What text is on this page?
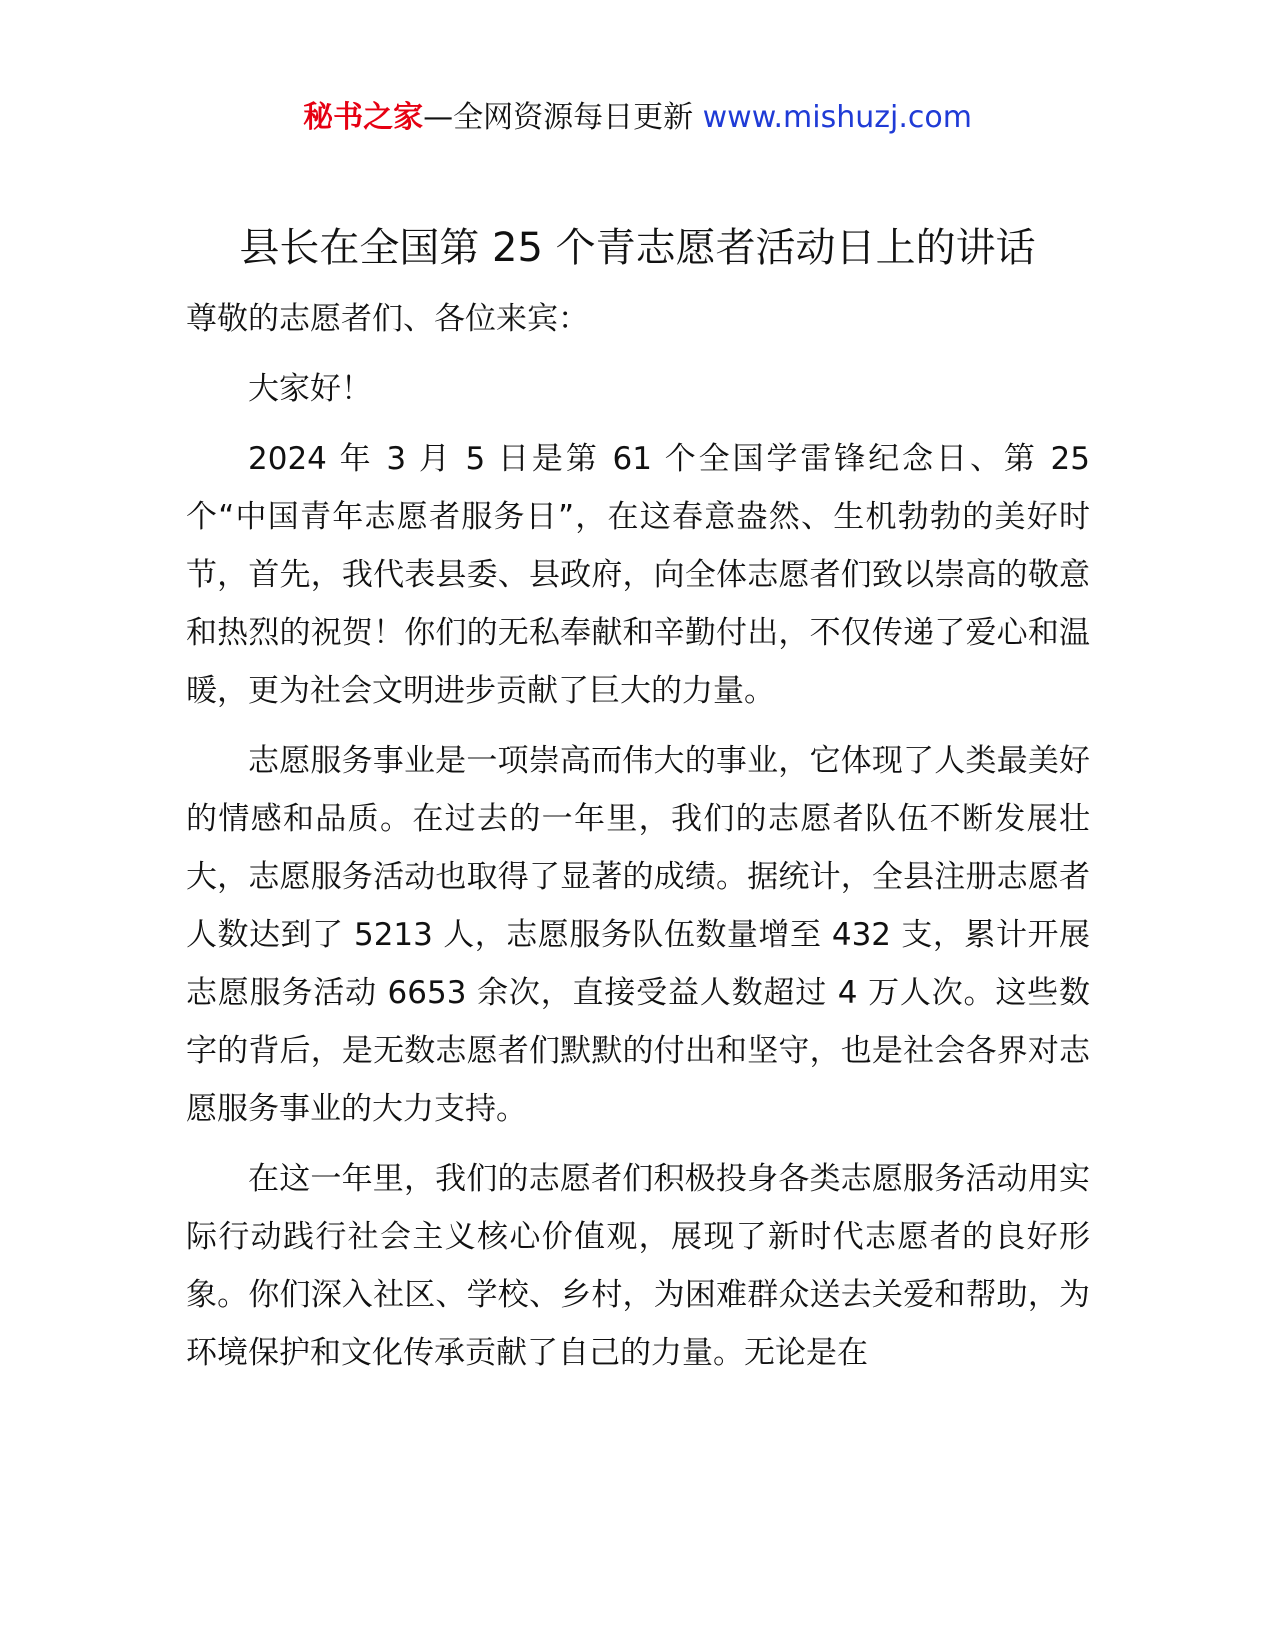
秘书之家—全网资源每日更新 www.mishuzj.com
县长在全国第 25 个青志愿者活动日上的讲话

尊敬的志愿者们、各位来宾：

大家好！

2024 年 3 月 5 日是第 61 个全国学雷锋纪念日、第 25 个“中国青年志愿者服务日”，在这春意盎然、生机勃勃的美好时节，首先，我代表县委、县政府，向全体志愿者们致以崇高的敬意和热烈的祝贺！你们的无私奉献和辛勤付出，不仅传递了爱心和温暖，更为社会文明进步贡献了巨大的力量。

志愿服务事业是一项崇高而伟大的事业，它体现了人类最美好的情感和品质。在过去的一年里，我们的志愿者队伍不断发展壮大，志愿服务活动也取得了显著的成绩。据统计，全县注册志愿者人数达到了 5213 人，志愿服务队伍数量增至 432 支，累计开展志愿服务活动 6653 余次，直接受益人数超过 4 万人次。这些数字的背后，是无数志愿者们默默的付出和坚守，也是社会各界对志愿服务事业的大力支持。

在这一年里，我们的志愿者们积极投身各类志愿服务活动用实际行动践行社会主义核心价值观，展现了新时代志愿者的良好形象。你们深入社区、学校、乡村，为困难群众送去关爱和帮助，为环境保护和文化传承贡献了自己的力量。无论是在
